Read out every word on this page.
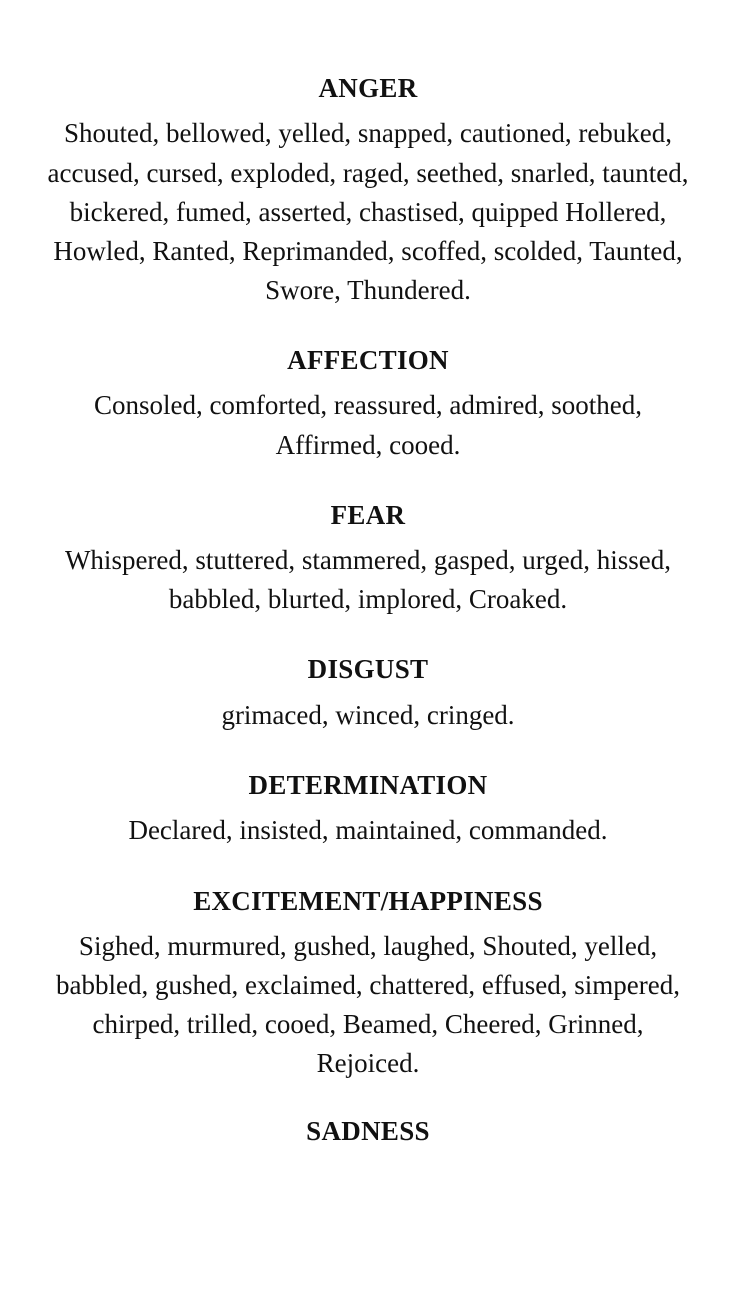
ANGER

Shouted, bellowed, yelled, snapped, cautioned, rebuked, accused, cursed, exploded, raged, seethed, snarled, taunted, bickered, fumed, asserted, chastised, quipped Hollered, Howled, Ranted, Reprimanded, scoffed, scolded, Taunted, Swore, Thundered.

AFFECTION

Consoled, comforted, reassured, admired, soothed, Affirmed, cooed.

FEAR

Whispered, stuttered, stammered, gasped, urged, hissed, babbled, blurted, implored, Croaked.

DISGUST

grimaced, winced, cringed.

DETERMINATION

Declared, insisted, maintained, commanded.

EXCITEMENT/HAPPINESS

Sighed, murmured, gushed, laughed, Shouted, yelled, babbled, gushed, exclaimed, chattered, effused, simpered, chirped, trilled, cooed, Beamed, Cheered, Grinned, Rejoiced.

SADNESS
